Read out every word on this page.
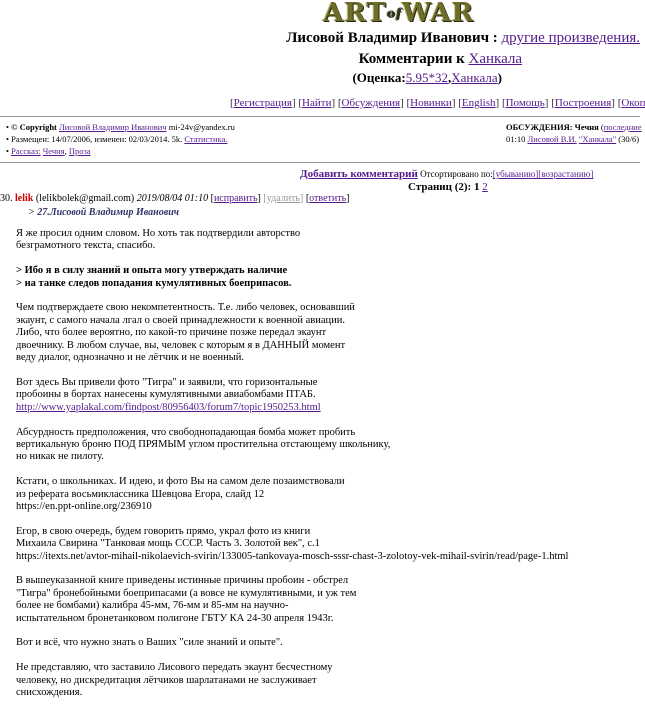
$ART^{of}WAR$
Лисовой Владимир Иванович : другие произведения.
Комментарии к Ханкала
(Оценка:5.95*32,Ханкала)
[Регистрация] [Найти] [Обсуждения] [Новинки] [English] [Помощь] [Построения] [Окоп
• © Copyright Лисовой Владимир Иванович mi-24v@yandex.ru
• Размещен: 14/07/2006, изменен: 02/03/2014. 5k. Статистика.
• Рассказ: Чечня, Проза
ОБСУЖДЕНИЯ: Чечня (последние
01:10 Лисовой В.И. "Ханкала" (30/6)
Добавить комментарий Отсортировано по:[убыванию][возрастанию]
Страниц (2): 1 2
30. lelik (lelikbolek@gmail.com) 2019/08/04 01:10 [исправить] [удалить] [ответить]
> 27.Лисовой Владимир Иванович

Я же просил одним словом. Но хоть так подтвердили авторство

безграмотного текста, спасибо.

> Ибо я в силу знаний и опыта могу утверждать наличие

> на танке следов попадания кумулятивных боеприпасов.

Чем подтверждаете свою некомпетентность. Т.е. либо человек, основавший

экаунт, с самого начала лгал о своей принадлежности к военной авиации.

Либо, что более вероятно, по какой-то причине позже передал экаунт

двоечнику. В любом случае, вы, человек с которым я в ДАННЫЙ момент

веду диалог, однозначно и не лётчик и не военный.

Вот здесь Вы привели фото "Тигра" и заявили, что горизонтальные

пробоины в бортах нанесены кумулятивными авиабомбами ПТАБ.

http://www.yaplakal.com/findpost/80956403/forum7/topic1950253.html

Абсурдность предположения, что свободнопадающая бомба может пробить

вертикальную броню ПОД ПРЯМЫМ углом простительна отстающему школьнику,

но никак не пилоту.

Кстати, о школьниках. И идею, и фото Вы на самом деле позаимствовали

из реферата восьмиклассника Шевцова Егора, слайд 12

https://en.ppt-online.org/236910

Егор, в свою очередь, будем говорить прямо, украл фото из книги

Михаила Свирина "Танковая мощь СССР. Часть 3. Золотой век", с.1

https://itexts.net/avtor-mihail-nikolaevich-svirin/133005-tankovaya-mosch-sssr-chast-3-zolotoy-vek-mihail-svirin/read/page-1.html

В вышеуказанной книге приведены истинные причины пробоин - обстрел

"Тигра" бронебойными боеприпасами (а вовсе не кумулятивными, и уж тем

более не бомбами) калибра 45-мм, 76-мм и 85-мм на научно-

испытательном бронетанковом полигоне ГБТУ КА 24-30 апреля 1943г.

Вот и всё, что нужно знать о Ваших "силе знаний и опыте".

Не представляю, что заставило Лисового передать экаунт бесчестному

человеку, но дискредитация лётчиков шарлатанами не заслуживает

снисхождения.
